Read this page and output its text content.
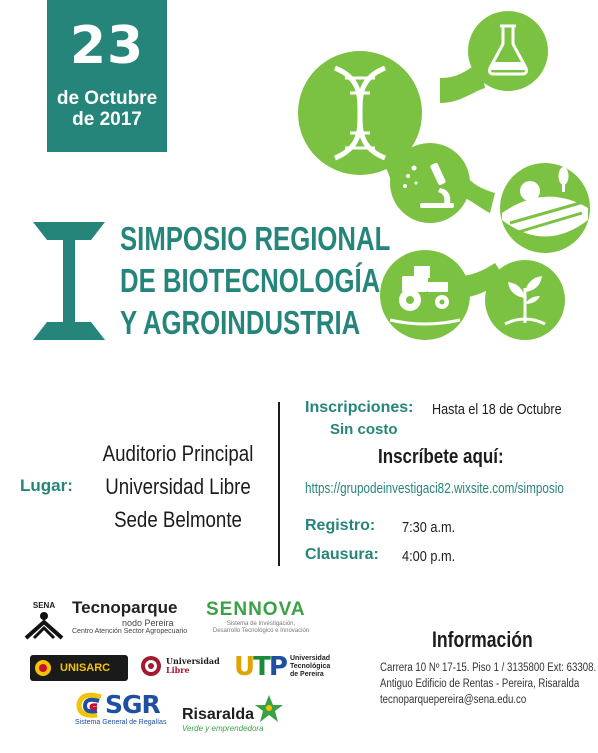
23
de Octubre
de 2017
I
SIMPOSIO REGIONAL
DE BIOTECNOLOGÍA
Y AGROINDUSTRIA
Lugar:
Auditorio Principal
Universidad Libre
Sede Belmonte
Inscripciones: Hasta el 18 de Octubre
Sin costo
Inscríbete aquí:
https://grupodeinvestigaci82.wixsite.com/simposio
Registro: 7:30 a.m.
Clausura: 4:00 p.m.
Información
Carrera 10 Nº 17-15. Piso 1 / 3135800 Ext: 63308.
Antiguo Edificio de Rentas - Pereira, Risaralda
tecnoparquepereira@sena.edu.co
SENA Tecnoparque
nodo Pereira
Centro Atención Sector Agropecuario
SENNOVA
Sistema de Investigación,
Desarrollo Tecnológico e Innovación
UNISARC
Universidad
Libre	UTP Universidad
Tecnológica
de Pereira
SGR
Sistema General de Regalías Risaralda
Verde y emprendedora
